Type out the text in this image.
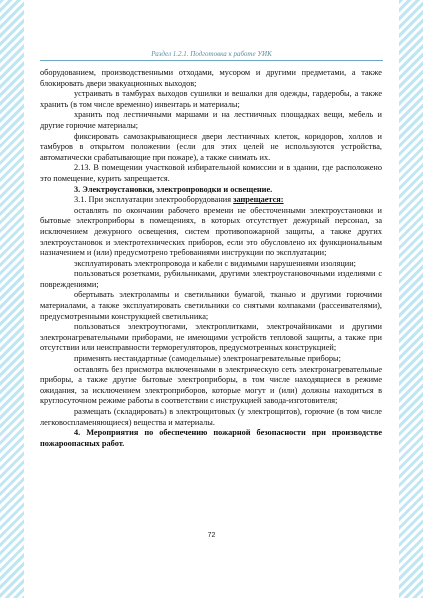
Раздел 1.2.1. Подготовка к работе УИК

оборудованием, производственными отходами, мусором и другими предметами, а также блокировать двери эвакуационных выходов;

устраивать в тамбурах выходов сушилки и вешалки для одежды, гардеробы, а также хранить (в том числе временно) инвентарь и материалы;

хранить под лестничными маршами и на лестничных площадках вещи, мебель и другие горючие материалы;

фиксировать самозакрывающиеся двери лестничных клеток, коридоров, холлов и тамбуров в открытом положении (если для этих целей не используются устройства, автоматически срабатывающие при пожаре), а также снимать их.

2.13. В помещении участковой избирательной комиссии и в здании, где расположено это помещение, курить запрещается.

3. Электроустановки, электропроводки и освещение.

3.1. При эксплуатации электрооборудования запрещается:

оставлять по окончании рабочего времени не обесточенными электроустановки и бытовые электроприборы в помещениях, в которых отсутствует дежурный персонал, за исключением дежурного освещения, систем противопожарной защиты, а также других электроустановок и электротехнических приборов, если это обусловлено их функциональным назначением и (или) предусмотрено требованиями инструкции по эксплуатации;

эксплуатировать электропровода и кабели с видимыми нарушениями изоляции;

пользоваться розетками, рубильниками, другими электроустановочными изделиями с повреждениями;

обертывать электролампы и светильники бумагой, тканью и другими горючими материалами, а также эксплуатировать светильники со снятыми колпаками (рассеивателями), предусмотренными конструкцией светильника;

пользоваться электроутюгами, электроплитками, электрочайниками и другими электронагревательными приборами, не имеющими устройств тепловой защиты, а также при отсутствии или неисправности терморегуляторов, предусмотренных конструкцией;

применять нестандартные (самодельные) электронагревательные приборы;

оставлять без присмотра включенными в электрическую сеть электронагревательные приборы, а также другие бытовые электроприборы, в том числе находящиеся в режиме ожидания, за исключением электроприборов, которые могут и (или) должны находиться в круглосуточном режиме работы в соответствии с инструкцией завода-изготовителя;

размещать (складировать) в электрощитовых (у электрощитов), горючие (в том числе легковоспламеняющиеся) вещества и материалы.

4. Мероприятия по обеспечению пожарной безопасности при производстве пожароопасных работ.

72
